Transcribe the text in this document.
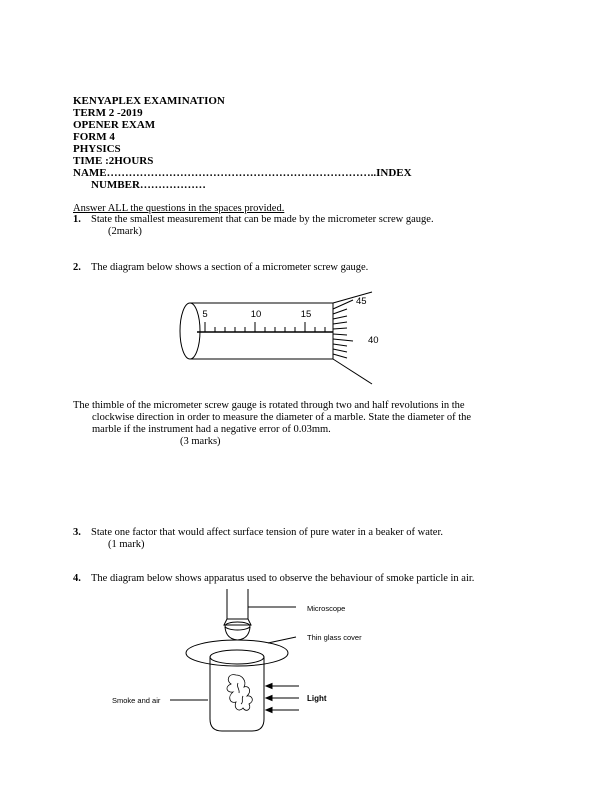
KENYAPLEX EXAMINATION
TERM 2 -2019
OPENER EXAM
FORM 4
PHYSICS
TIME :2HOURS
NAME………………………………………………………………..INDEX
NUMBER………………
Answer ALL the questions in the spaces provided.
1. State the smallest measurement that can be made by the micrometer screw gauge.
(2mark)
2. The diagram below shows a section of a micrometer screw gauge.
5	10	15
45
40
The thimble of the micrometer screw gauge is rotated through two and half revolutions in the
clockwise direction in order to measure the diameter of a marble. State the diameter of the
marble if the instrument had a negative error of 0.03mm.
(3 marks)
3. State one factor that would affect surface tension of pure water in a beaker of water.
(1 mark)
4. The diagram below shows apparatus used to observe the behaviour of smoke particle in air.
Microscope
Thin glass cover
Smoke and air	Light
